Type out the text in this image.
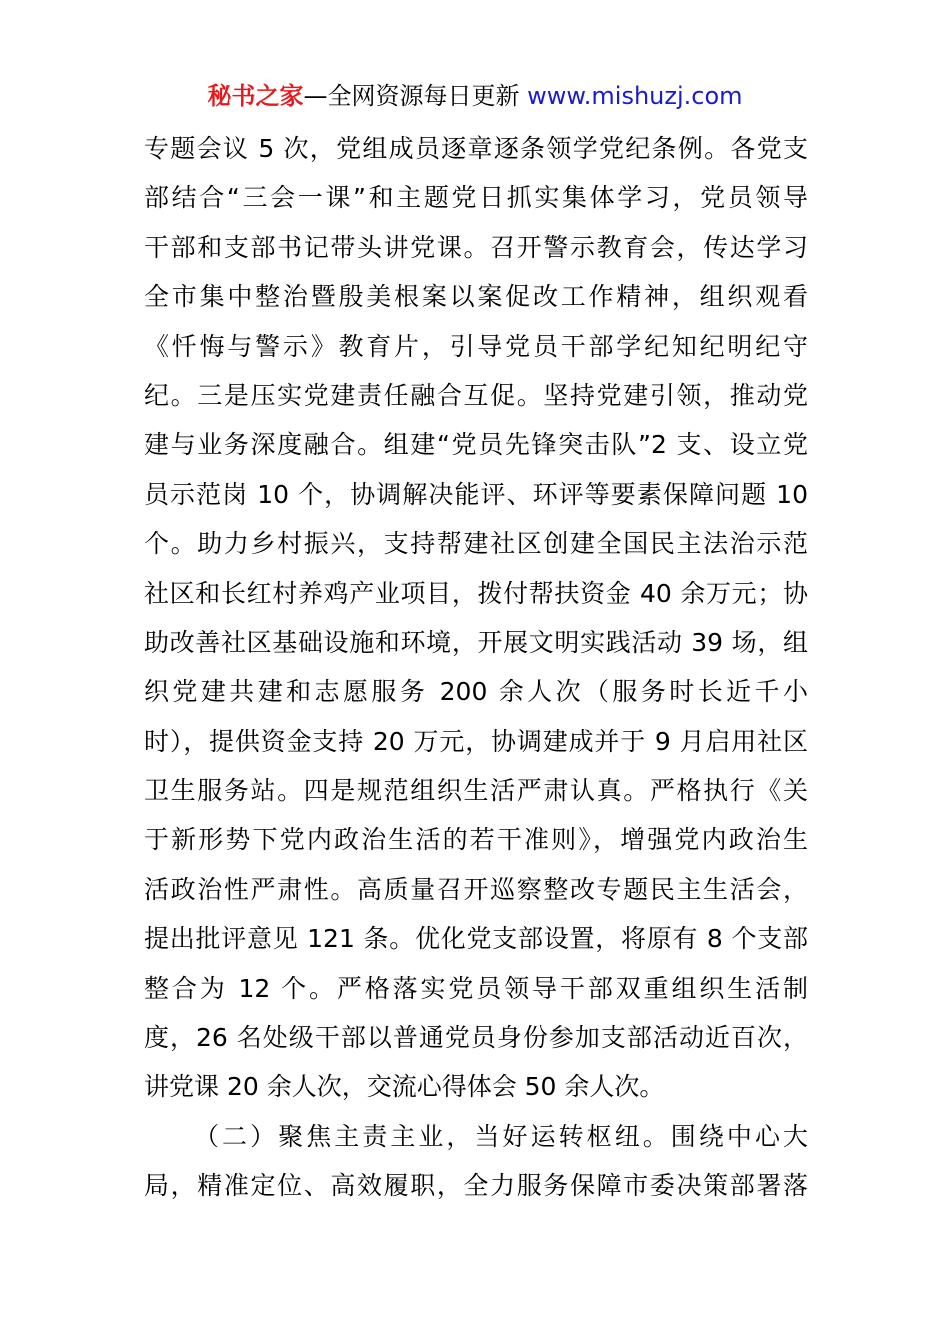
秘书之家—全网资源每日更新 www.mishuzj.com
专题会议 5 次，党组成员逐章逐条领学党纪条例。各党支
部结合“三会一课”和主题党日抓实集体学习，党员领导
干部和支部书记带头讲党课。召开警示教育会，传达学习
全市集中整治暨殷美根案以案促改工作精神，组织观看
《忏悔与警示》教育片，引导党员干部学纪知纪明纪守
纪。三是压实党建责任融合互促。坚持党建引领，推动党
建与业务深度融合。组建“党员先锋突击队”2 支、设立党
员示范岗 10 个，协调解决能评、环评等要素保障问题 10
个。助力乡村振兴，支持帮建社区创建全国民主法治示范
社区和长红村养鸡产业项目，拨付帮扶资金 40 余万元；协
助改善社区基础设施和环境，开展文明实践活动 39 场，组
织党建共建和志愿服务 200 余人次（服务时长近千小
时），提供资金支持 20 万元，协调建成并于 9 月启用社区
卫生服务站。四是规范组织生活严肃认真。严格执行《关
于新形势下党内政治生活的若干准则》，增强党内政治生
活政治性严肃性。高质量召开巡察整改专题民主生活会，
提出批评意见 121 条。优化党支部设置，将原有 8 个支部
整合为 12 个。严格落实党员领导干部双重组织生活制
度，26 名处级干部以普通党员身份参加支部活动近百次，
讲党课 20 余人次，交流心得体会 50 余人次。
（二）聚焦主责主业，当好运转枢纽。围绕中心大
局，精准定位、高效履职，全力服务保障市委决策部署落
